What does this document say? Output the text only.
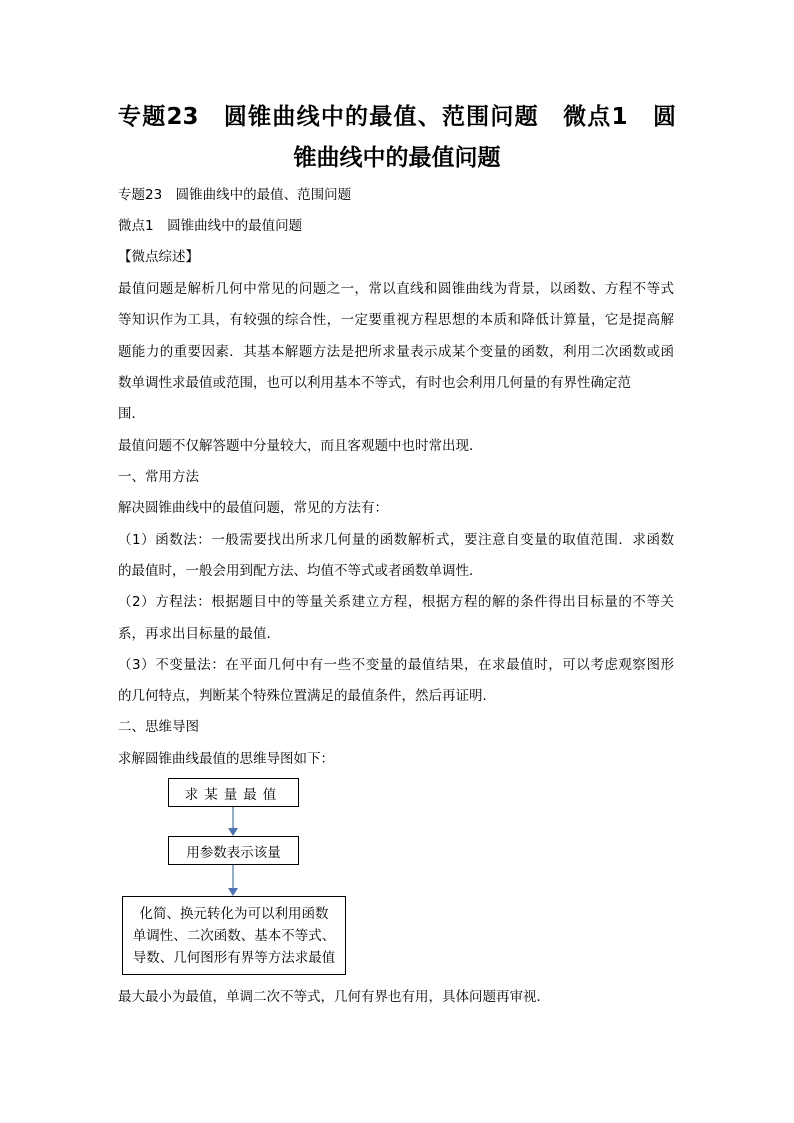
专题23　圆锥曲线中的最值、范围问题　微点1　圆
锥曲线中的最值问题
专题23　圆锥曲线中的最值、范围问题
微点1　圆锥曲线中的最值问题
【微点综述】
最值问题是解析几何中常见的问题之一，常以直线和圆锥曲线为背景，以函数、方程不等式
等知识作为工具，有较强的综合性，一定要重视方程思想的本质和降低计算量，它是提高解
题能力的重要因素．其基本解题方法是把所求量表示成某个变量的函数，利用二次函数或函
数单调性求最值或范围，也可以利用基本不等式，有时也会利用几何量的有界性确定范
围．
最值问题不仅解答题中分量较大，而且客观题中也时常出现．
一、常用方法
解决圆锥曲线中的最值问题，常见的方法有：
（1）函数法：一般需要找出所求几何量的函数解析式，要注意自变量的取值范围．求函数
的最值时，一般会用到配方法、均值不等式或者函数单调性．
（2）方程法：根据题目中的等量关系建立方程，根据方程的解的条件得出目标量的不等关
系，再求出目标量的最值．
（3）不变量法：在平面几何中有一些不变量的最值结果，在求最值时，可以考虑观察图形
的几何特点，判断某个特殊位置满足的最值条件，然后再证明．
二、思维导图
求解圆锥曲线最值的思维导图如下：
求某量最值
用参数表示该量
化简、换元转化为可以利用函数
单调性、二次函数、基本不等式、
导数、几何图形有界等方法求最值
最大最小为最值，单调二次不等式，几何有界也有用，具体问题再审视．
